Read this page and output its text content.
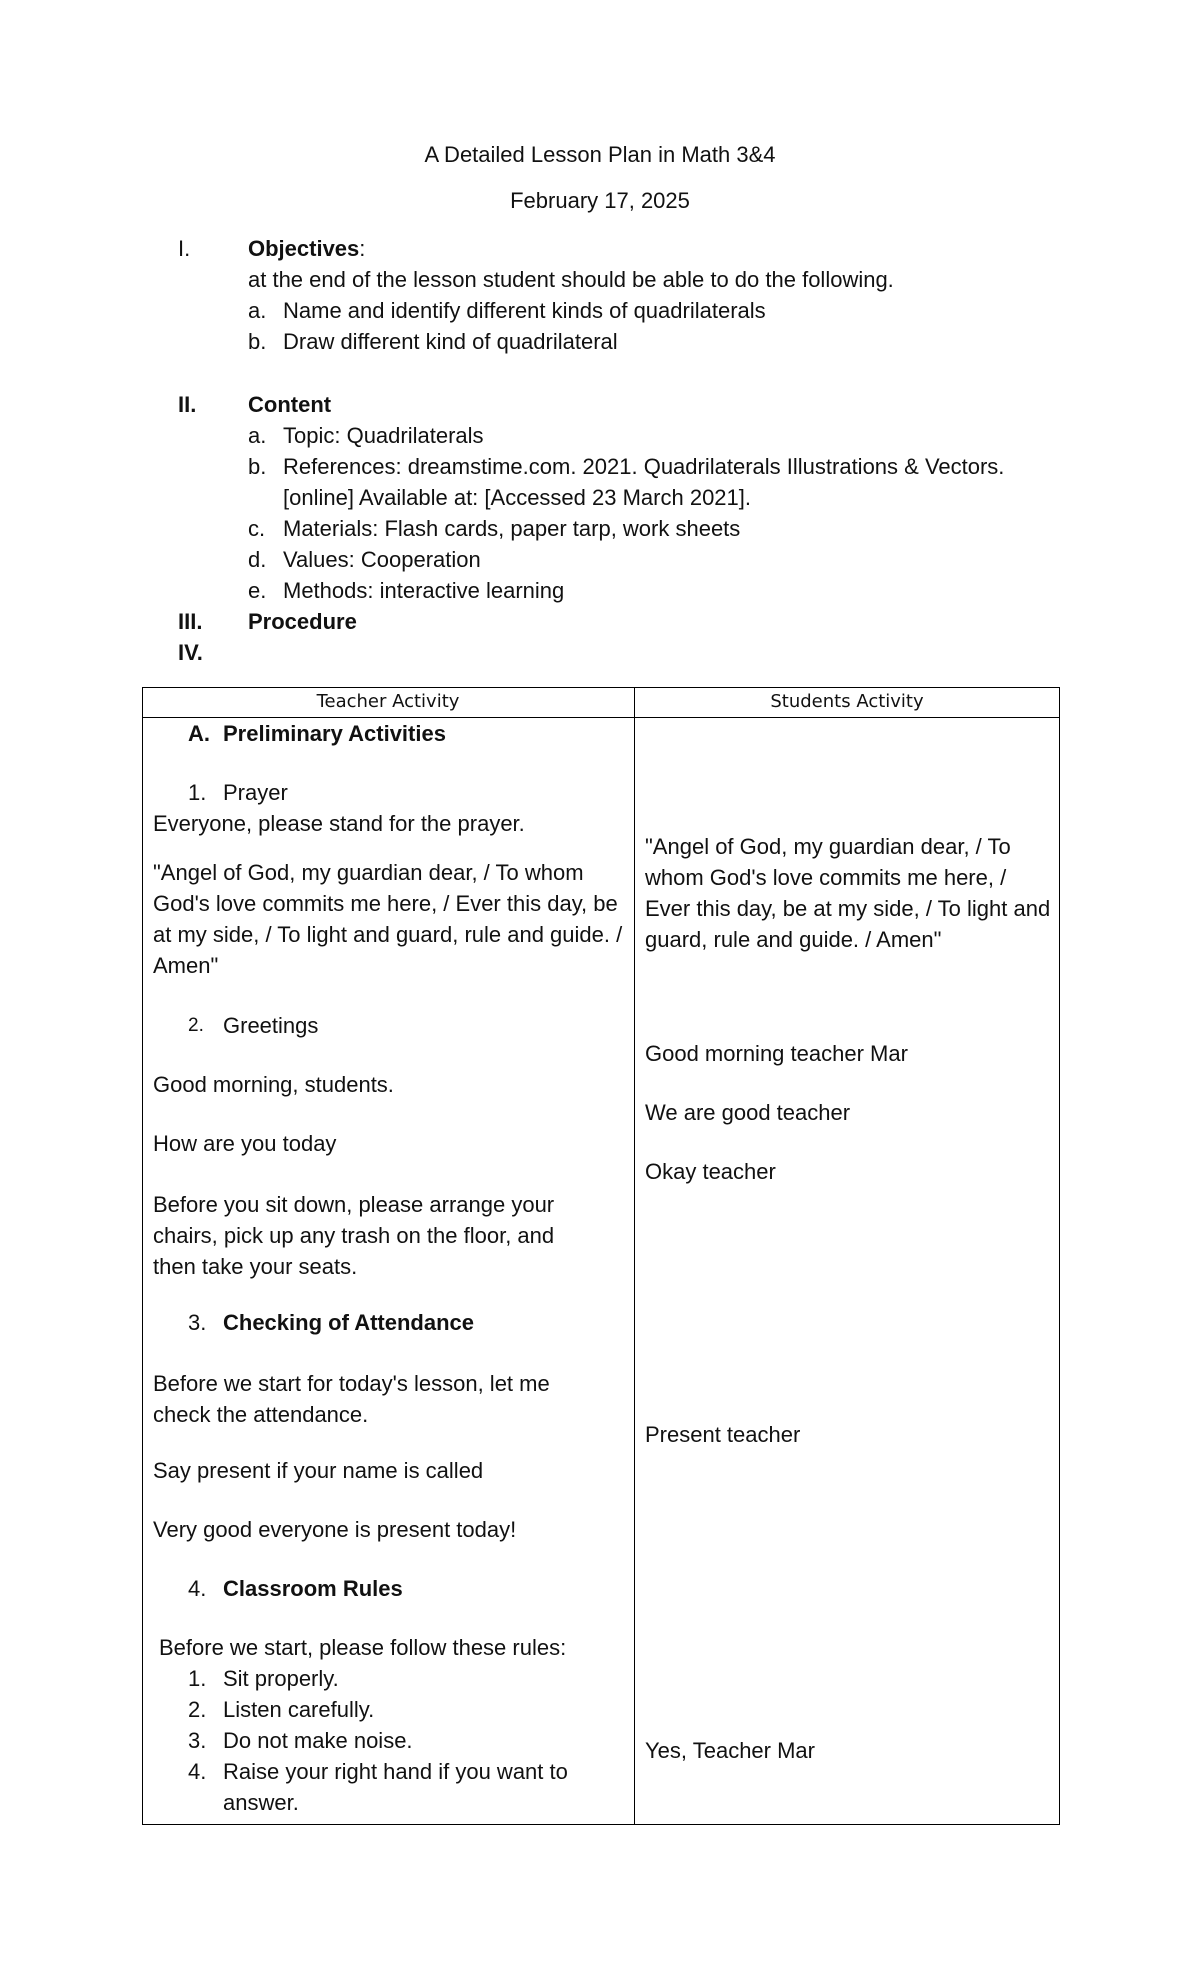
A Detailed Lesson Plan in Math 3&4
February 17, 2025
I.	Objectives:
at the end of the lesson student should be able to do the following.
a. Name and identify different kinds of quadrilaterals
b. Draw different kind of quadrilateral
II. Content
a. Topic: Quadrilaterals
b. References: dreamstime.com. 2021. Quadrilaterals Illustrations & Vectors.
[online] Available at: [Accessed 23 March 2021].
c. Materials: Flash cards, paper tarp, work sheets
d. Values: Cooperation
e. Methods: interactive learning
III. Procedure
IV.
Teacher Activity	Students Activity
A. Preliminary Activities
1. Prayer
Everyone, please stand for the prayer.
"Angel of God, my guardian dear, / To whom God's love commits me here, / Ever this day, be at my side, / To light and guard, rule and guide. / Amen"
2. Greetings
Good morning, students.
How are you today
Before you sit down, please arrange your chairs, pick up any trash on the floor, and then take your seats.
3. Checking of Attendance
Before we start for today's lesson, let me check the attendance.
Say present if your name is called
Very good everyone is present today!
4. Classroom Rules
Before we start, please follow these rules:
1. Sit properly.
2. Listen carefully.
3. Do not make noise.
4. Raise your right hand if you want to
answer.
"Angel of God, my guardian dear, / To whom God's love commits me here, / Ever this day, be at my side, / To light and guard, rule and guide. / Amen"
Good morning teacher Mar
We are good teacher
Okay teacher
Present teacher
Yes, Teacher Mar
